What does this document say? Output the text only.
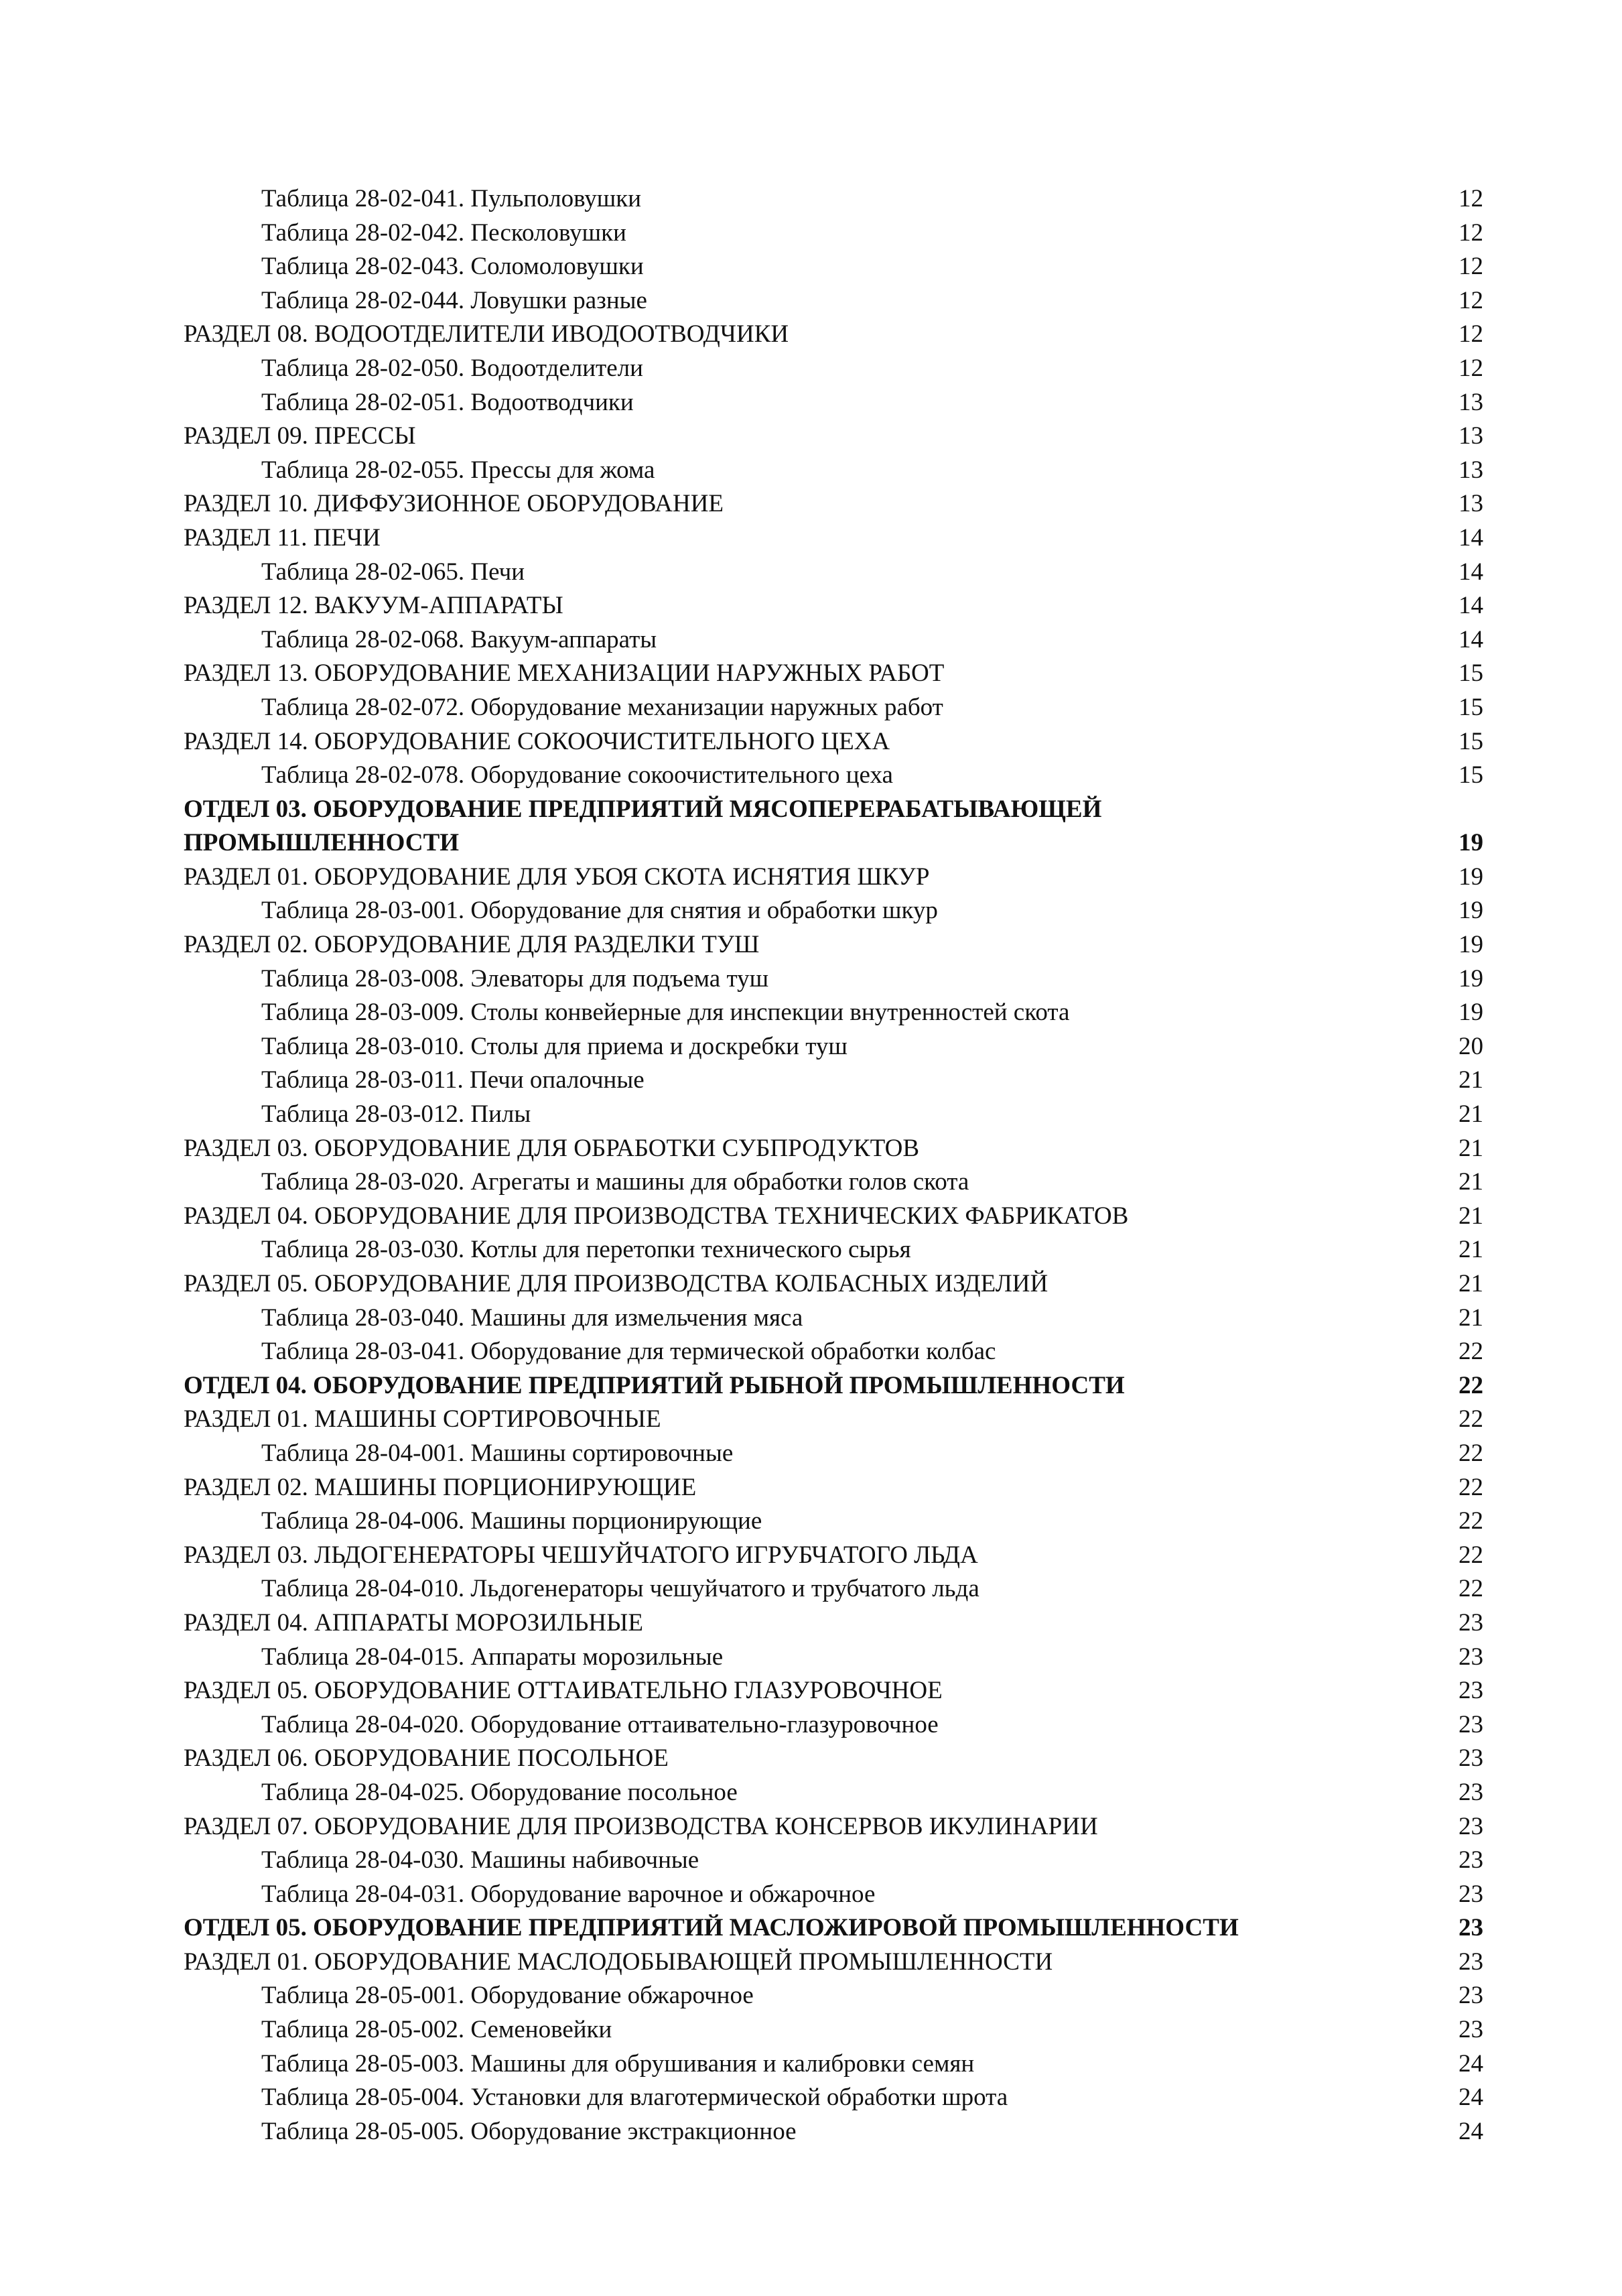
Таблица 28-02-041. Пульполовушки	12
Таблица 28-02-042. Песколовушки	12
Таблица 28-02-043. Соломоловушки	12
Таблица 28-02-044. Ловушки разные	12
РАЗДЕЛ 08. ВОДООТДЕЛИТЕЛИ ИВОДООТВОДЧИКИ	12
Таблица 28-02-050. Водоотделители	12
Таблица 28-02-051. Водоотводчики	13
РАЗДЕЛ 09. ПРЕССЫ	13
Таблица 28-02-055. Прессы для жома	13
РАЗДЕЛ 10. ДИФФУЗИОННОЕ ОБОРУДОВАНИЕ	13
РАЗДЕЛ 11. ПЕЧИ	14
Таблица 28-02-065. Печи	14
РАЗДЕЛ 12. ВАКУУМ-АППАРАТЫ	14
Таблица 28-02-068. Вакуум-аппараты	14
РАЗДЕЛ 13. ОБОРУДОВАНИЕ МЕХАНИЗАЦИИ НАРУЖНЫХ РАБОТ	15
Таблица 28-02-072. Оборудование механизации наружных работ	15
РАЗДЕЛ 14. ОБОРУДОВАНИЕ СОКООЧИСТИТЕЛЬНОГО ЦЕХА	15
Таблица 28-02-078. Оборудование сокоочистительного цеха	15
ОТДЕЛ 03. ОБОРУДОВАНИЕ ПРЕДПРИЯТИЙ МЯСОПЕРЕРАБАТЫВАЮЩЕЙ ПРОМЫШЛЕННОСТИ	19
РАЗДЕЛ 01. ОБОРУДОВАНИЕ ДЛЯ УБОЯ СКОТА ИСНЯТИЯ ШКУР	19
Таблица 28-03-001. Оборудование для снятия и обработки шкур	19
РАЗДЕЛ 02. ОБОРУДОВАНИЕ ДЛЯ РАЗДЕЛКИ ТУШ	19
Таблица 28-03-008. Элеваторы для подъема туш	19
Таблица 28-03-009. Столы конвейерные для инспекции внутренностей скота	19
Таблица 28-03-010. Столы для приема и доскребки туш	20
Таблица 28-03-011. Печи опалочные	21
Таблица 28-03-012. Пилы	21
РАЗДЕЛ 03. ОБОРУДОВАНИЕ ДЛЯ ОБРАБОТКИ СУБПРОДУКТОВ	21
Таблица 28-03-020. Агрегаты и машины для обработки голов скота	21
РАЗДЕЛ 04. ОБОРУДОВАНИЕ ДЛЯ ПРОИЗВОДСТВА ТЕХНИЧЕСКИХ ФАБРИКАТОВ	21
Таблица 28-03-030. Котлы для перетопки технического сырья	21
РАЗДЕЛ 05. ОБОРУДОВАНИЕ ДЛЯ ПРОИЗВОДСТВА КОЛБАСНЫХ ИЗДЕЛИЙ	21
Таблица 28-03-040. Машины для измельчения мяса	21
Таблица 28-03-041. Оборудование для термической обработки колбас	22
ОТДЕЛ 04. ОБОРУДОВАНИЕ ПРЕДПРИЯТИЙ РЫБНОЙ ПРОМЫШЛЕННОСТИ	22
РАЗДЕЛ 01. МАШИНЫ СОРТИРОВОЧНЫЕ	22
Таблица 28-04-001. Машины сортировочные	22
РАЗДЕЛ 02. МАШИНЫ ПОРЦИОНИРУЮЩИЕ	22
Таблица 28-04-006. Машины порционирующие	22
РАЗДЕЛ 03. ЛЬДОГЕНЕРАТОРЫ ЧЕШУЙЧАТОГО ИГРУБЧАТОГО ЛЬДА	22
Таблица 28-04-010. Льдогенераторы чешуйчатого и трубчатого льда	22
РАЗДЕЛ 04. АППАРАТЫ МОРОЗИЛЬНЫЕ	23
Таблица 28-04-015. Аппараты морозильные	23
РАЗДЕЛ 05. ОБОРУДОВАНИЕ ОТТАИВАТЕЛЬНО ГЛАЗУРОВОЧНОЕ	23
Таблица 28-04-020. Оборудование оттаивательно-глазуровочное	23
РАЗДЕЛ 06. ОБОРУДОВАНИЕ ПОСОЛЬНОЕ	23
Таблица 28-04-025. Оборудование посольное	23
РАЗДЕЛ 07. ОБОРУДОВАНИЕ ДЛЯ ПРОИЗВОДСТВА КОНСЕРВОВ ИКУЛИНАРИИ	23
Таблица 28-04-030. Машины набивочные	23
Таблица 28-04-031. Оборудование варочное и обжарочное	23
ОТДЕЛ 05. ОБОРУДОВАНИЕ ПРЕДПРИЯТИЙ МАСЛОЖИРОВОЙ ПРОМЫШЛЕННОСТИ	23
РАЗДЕЛ 01. ОБОРУДОВАНИЕ МАСЛОДОБЫВАЮЩЕЙ ПРОМЫШЛЕННОСТИ	23
Таблица 28-05-001. Оборудование обжарочное	23
Таблица 28-05-002. Семеновейки	23
Таблица 28-05-003. Машины для обрушивания и калибровки семян	24
Таблица 28-05-004. Установки для влаготермической обработки шрота	24
Таблица 28-05-005. Оборудование экстракционное	24
